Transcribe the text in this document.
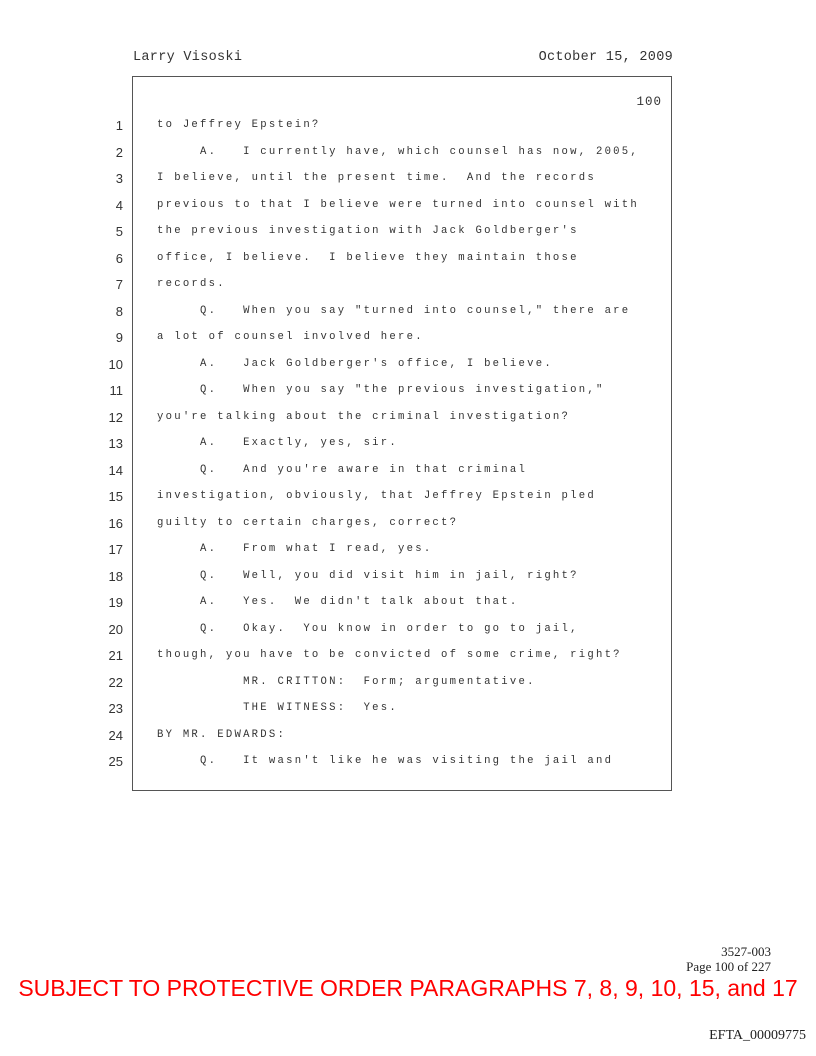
Larry Visoski	October 15, 2009
100
1	to Jeffrey Epstein?
2	A.   I currently have, which counsel has now, 2005,
3	I believe, until the present time.  And the records
4	previous to that I believe were turned into counsel with
5	the previous investigation with Jack Goldberger's
6	office, I believe.  I believe they maintain those
7	records.
8	Q.   When you say "turned into counsel," there are
9	a lot of counsel involved here.
10	A.   Jack Goldberger's office, I believe.
11	Q.   When you say "the previous investigation,"
12	you're talking about the criminal investigation?
13	A.   Exactly, yes, sir.
14	Q.   And you're aware in that criminal
15	investigation, obviously, that Jeffrey Epstein pled
16	guilty to certain charges, correct?
17	A.   From what I read, yes.
18	Q.   Well, you did visit him in jail, right?
19	A.   Yes.  We didn't talk about that.
20	Q.   Okay.  You know in order to go to jail,
21	though, you have to be convicted of some crime, right?
22	MR. CRITTON:  Form; argumentative.
23	THE WITNESS:  Yes.
24	BY MR. EDWARDS:
25	Q.   It wasn't like he was visiting the jail and
3527-003
Page 100 of 227
SUBJECT TO PROTECTIVE ORDER PARAGRAPHS 7, 8, 9, 10, 15, and 17
EFTA_00009775
